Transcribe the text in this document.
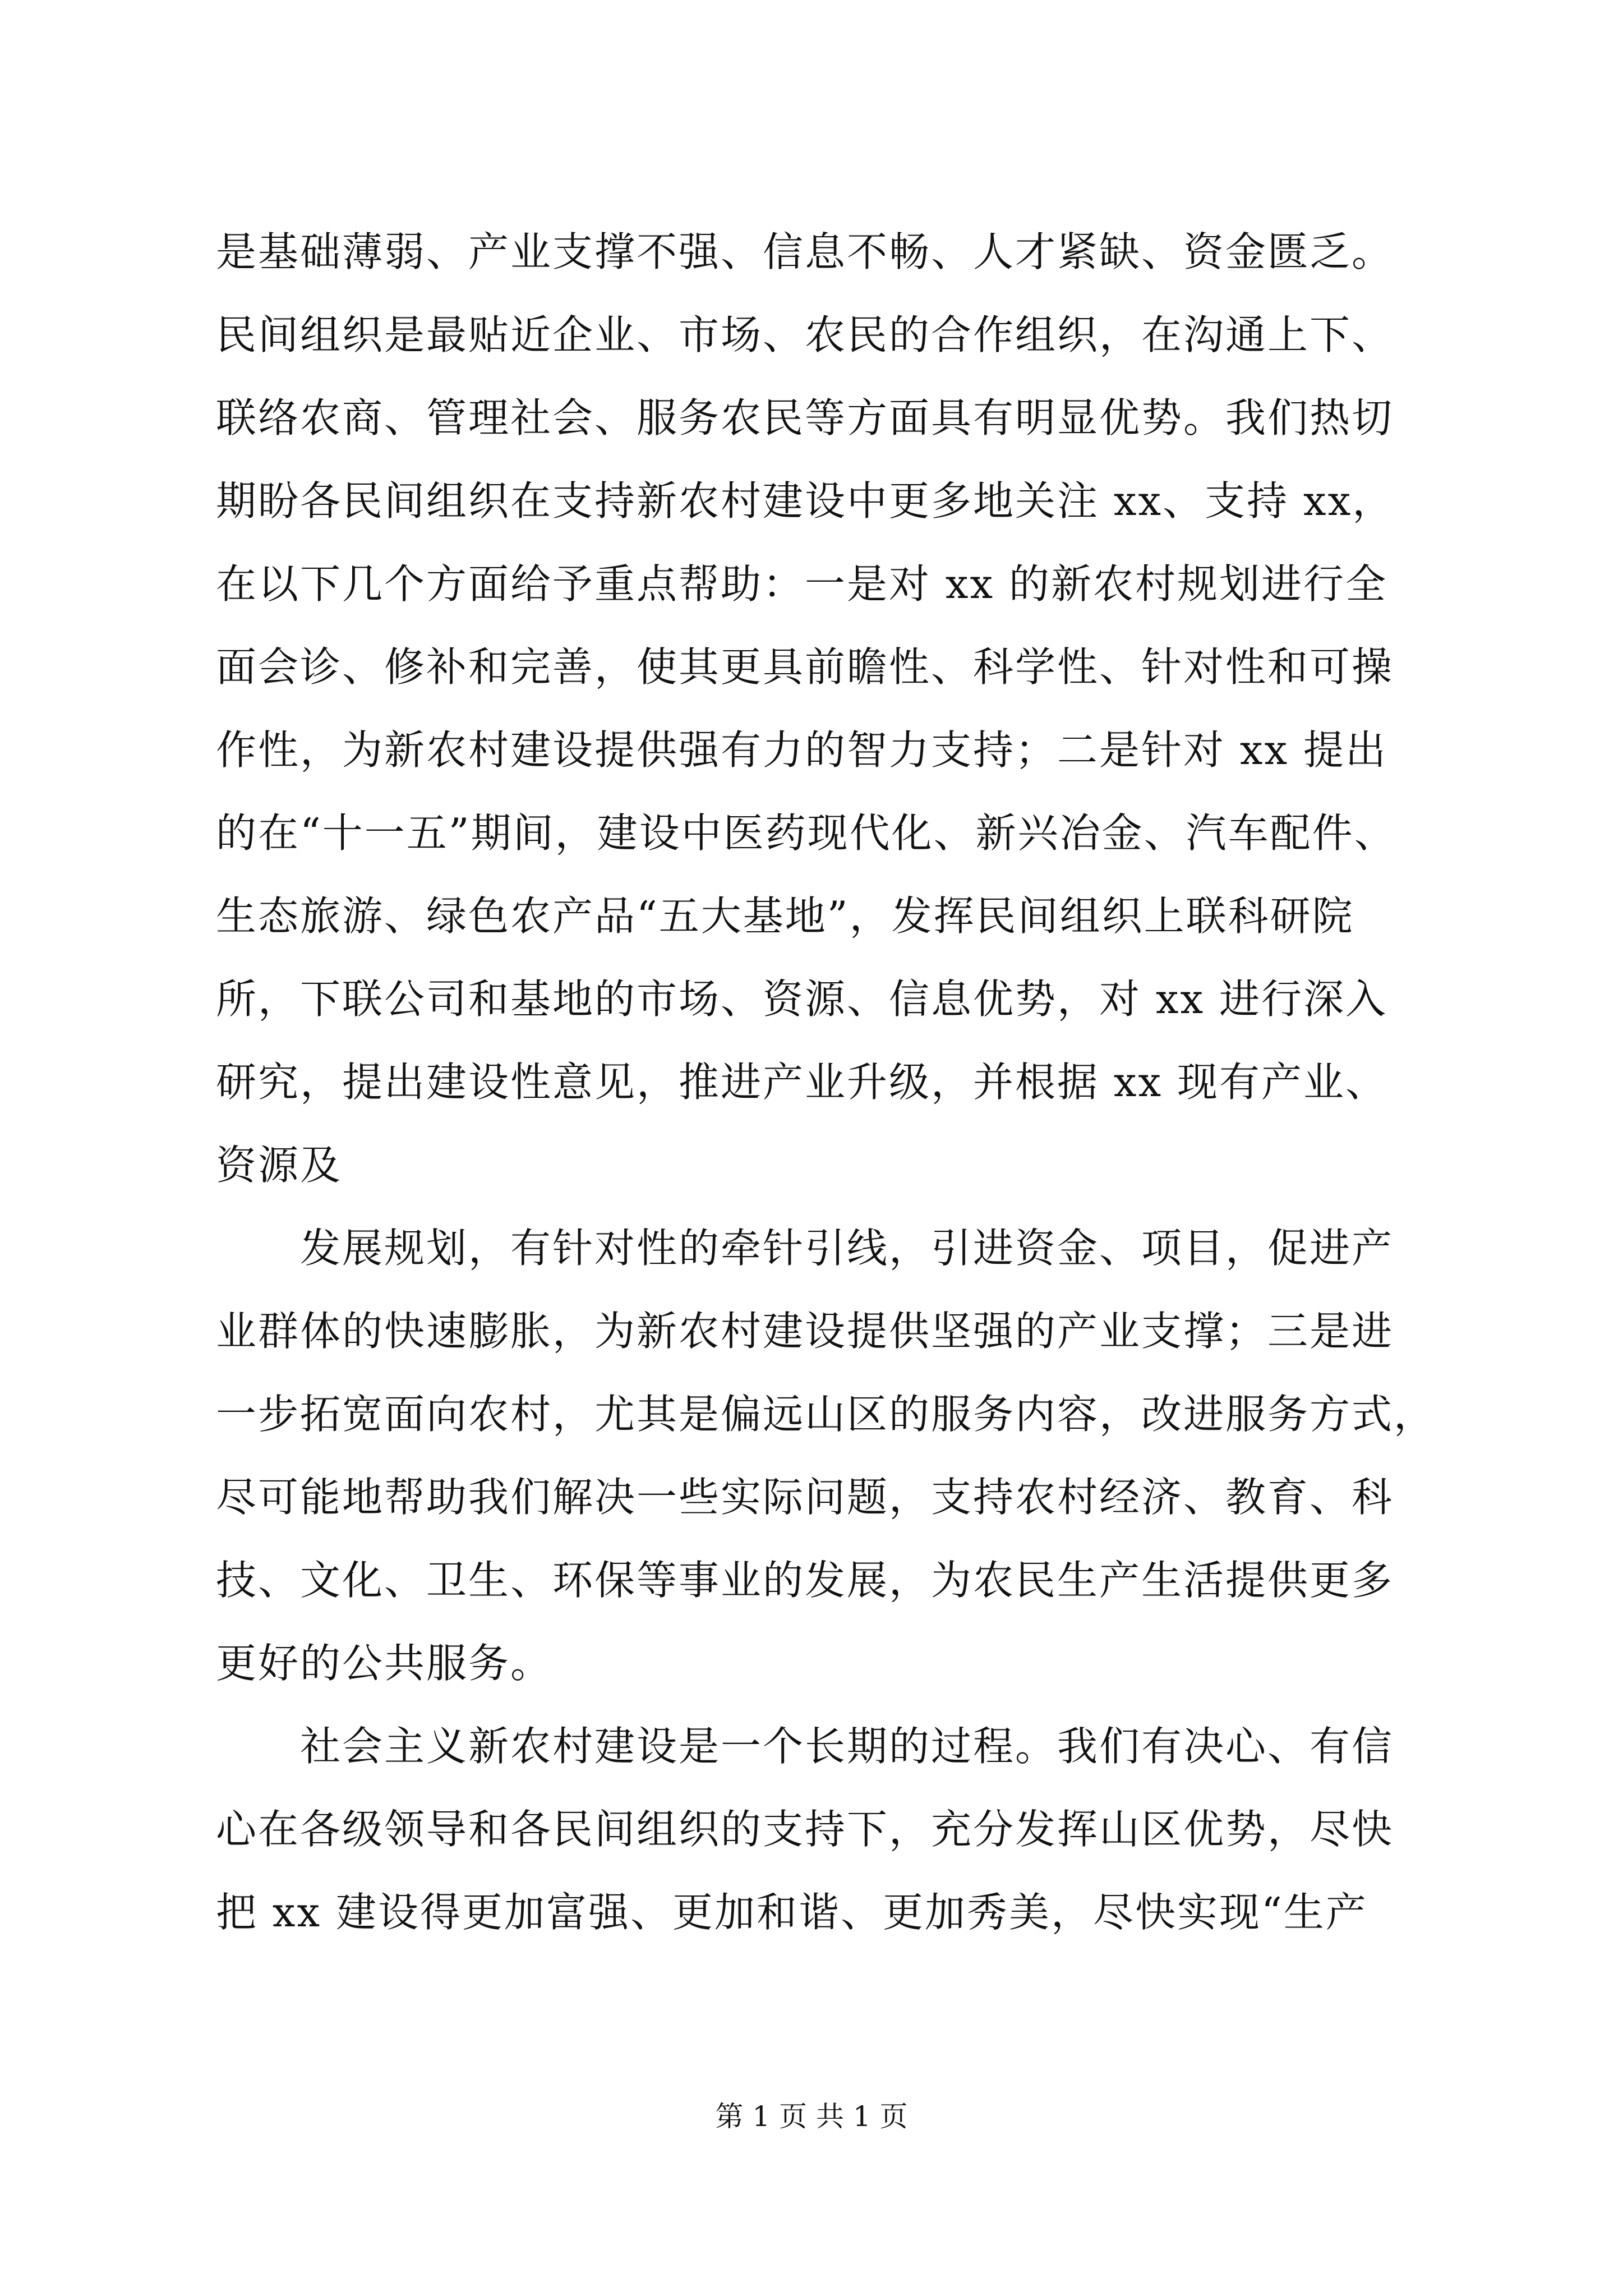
是基础薄弱、产业支撑不强、信息不畅、人才紧缺、资金匮乏。
民间组织是最贴近企业、市场、农民的合作组织，在沟通上下、
联络农商、管理社会、服务农民等方面具有明显优势。我们热切
期盼各民间组织在支持新农村建设中更多地关注 xx、支持 xx，
在以下几个方面给予重点帮助：一是对 xx 的新农村规划进行全
面会诊、修补和完善，使其更具前瞻性、科学性、针对性和可操
作性，为新农村建设提供强有力的智力支持；二是针对 xx 提出
的在“十一五”期间，建设中医药现代化、新兴冶金、汽车配件、
生态旅游、绿色农产品“五大基地”，发挥民间组织上联科研院
所，下联公司和基地的市场、资源、信息优势，对 xx 进行深入
研究，提出建设性意见，推进产业升级，并根据 xx 现有产业、
资源及
发展规划，有针对性的牵针引线，引进资金、项目，促进产
业群体的快速膨胀，为新农村建设提供坚强的产业支撑；三是进
一步拓宽面向农村，尤其是偏远山区的服务内容，改进服务方式，
尽可能地帮助我们解决一些实际问题，支持农村经济、教育、科
技、文化、卫生、环保等事业的发展，为农民生产生活提供更多
更好的公共服务。
社会主义新农村建设是一个长期的过程。我们有决心、有信
心在各级领导和各民间组织的支持下，充分发挥山区优势，尽快
把 xx 建设得更加富强、更加和谐、更加秀美，尽快实现“生产
第 1 页 共 1 页
